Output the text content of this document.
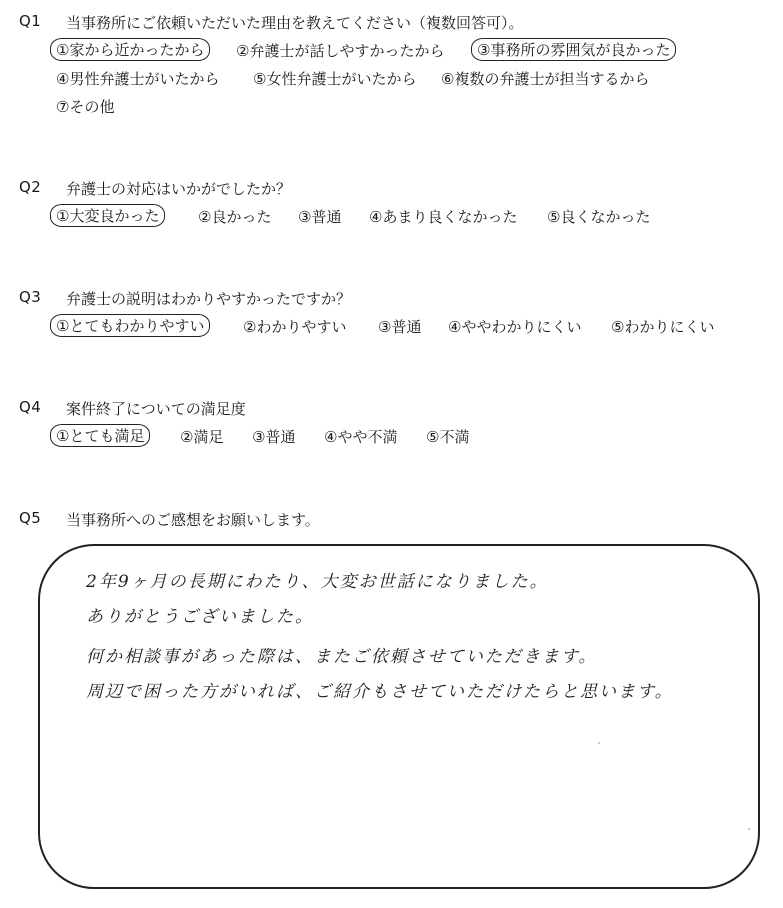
Q1 当事務所にご依頼いただいた理由を教えてください（複数回答可）。
①家から近かったから	②弁護士が話しやすかったから	③事務所の雰囲気が良かった
④男性弁護士がいたから ⑤女性弁護士がいたから ⑥複数の弁護士が担当するから
⑦その他
Q2 弁護士の対応はいかがでしたか？
①大変良かった	②良かった ③普通 ④あまり良くなかった ⑤良くなかった
Q3 弁護士の説明はわかりやすかったですか？
①とてもわかりやすい	②わかりやすい ③普通 ④ややわかりにくい ⑤わかりにくい
Q4 案件終了についての満足度
①とても満足	②満足 ③普通 ④やや不満 ⑤不満
Q5 当事務所へのご感想をお願いします。
2年9ヶ月の長期にわたり、大変お世話になりました。
ありがとうございました。
何か相談事があった際は、またご依頼させていただきます。
周辺で困った方がいれば、ご紹介もさせていただけたらと思います。
